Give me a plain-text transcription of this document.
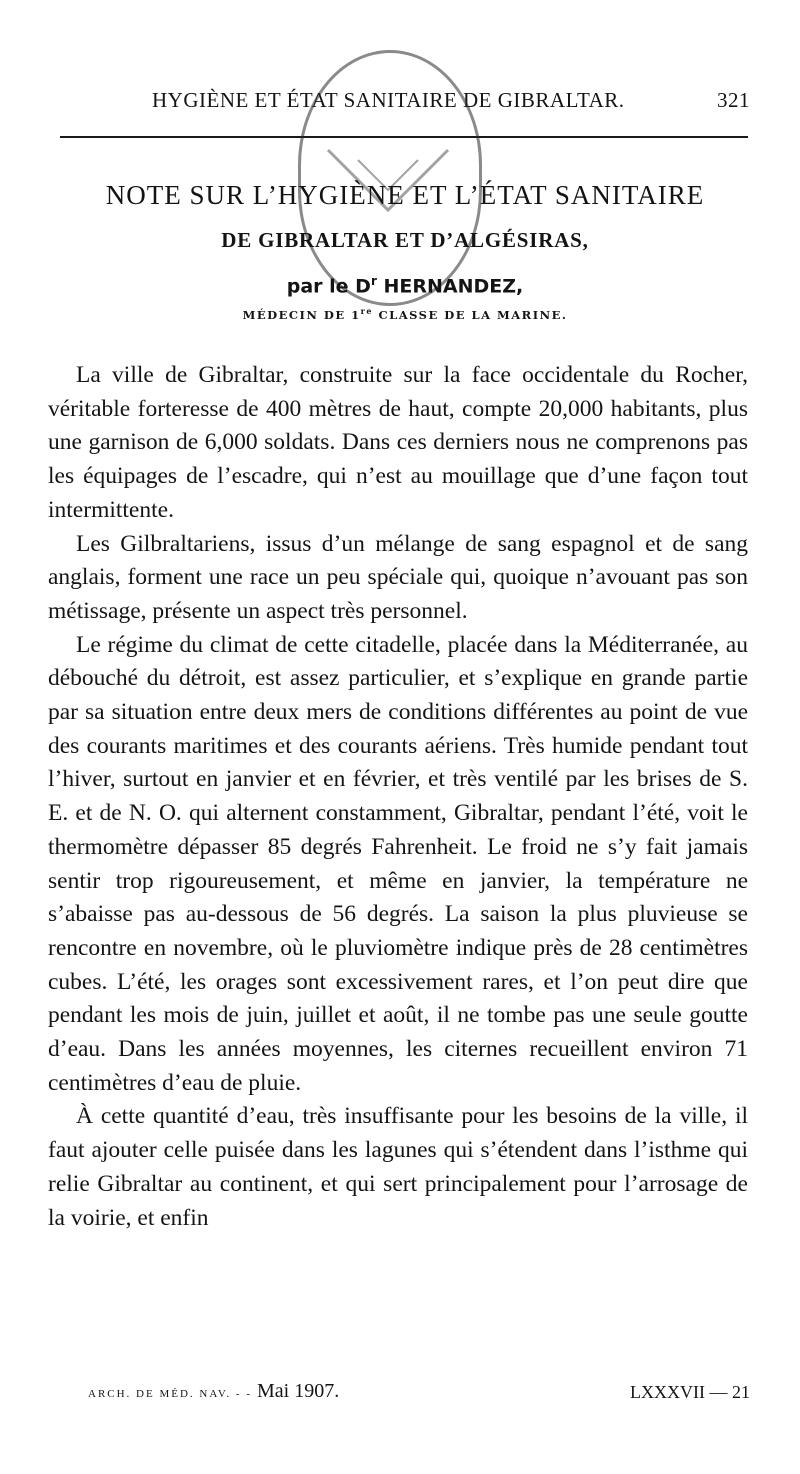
HYGIÈNE ET ÉTAT SANITAIRE DE GIBRALTAR.	321
NOTE SUR L’HYGIÈNE ET L’ÉTAT SANITAIRE
DE GIBRALTAR ET D’ALGÉSIRAS,
par le $D^r$ HERNANDEZ,
MÉDECIN DE 1re CLASSE DE LA MARINE.

La ville de Gibraltar, construite sur la face occidentale du Rocher, véritable forteresse de 400 mètres de haut, compte 20,000 habitants, plus une garnison de 6,000 soldats. Dans ces derniers nous ne comprenons pas les équipages de l’escadre, qui n’est au mouillage que d’une façon tout intermittente.

Les Gilbraltariens, issus d’un mélange de sang espagnol et de sang anglais, forment une race un peu spéciale qui, quoique n’avouant pas son métissage, présente un aspect très personnel.

Le régime du climat de cette citadelle, placée dans la Méditerranée, au débouché du détroit, est assez particulier, et s’explique en grande partie par sa situation entre deux mers de conditions différentes au point de vue des courants maritimes et des courants aériens. Très humide pendant tout l’hiver, surtout en janvier et en février, et très ventilé par les brises de S. E. et de N. O. qui alternent constamment, Gibraltar, pendant l’été, voit le thermomètre dépasser 85 degrés Fahrenheit. Le froid ne s’y fait jamais sentir trop rigoureusement, et même en janvier, la température ne s’abaisse pas au-dessous de 56 degrés. La saison la plus pluvieuse se rencontre en novembre, où le pluviomètre indique près de 28 centimètres cubes. L’été, les orages sont excessivement rares, et l’on peut dire que pendant les mois de juin, juillet et août, il ne tombe pas une seule goutte d’eau. Dans les années moyennes, les citernes recueillent environ 71 centimètres d’eau de pluie.

À cette quantité d’eau, très insuffisante pour les besoins de la ville, il faut ajouter celle puisée dans les lagunes qui s’étendent dans l’isthme qui relie Gibraltar au continent, et qui sert principalement pour l’arrosage de la voirie, et enfin

ARCH. DE MÉD. NAV. - - Mai 1907.	LXXXVII — 21
